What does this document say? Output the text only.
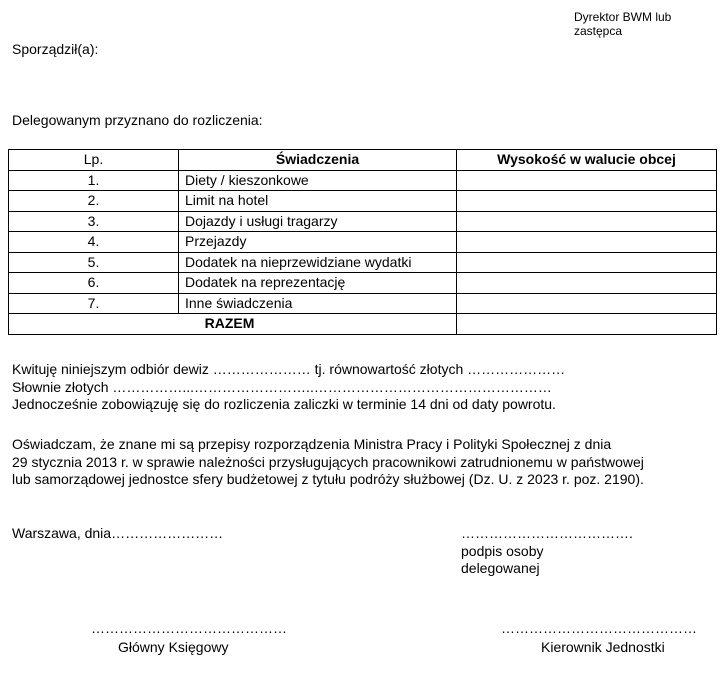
Dyrektor BWM lub
zastępca
Sporządził(a):
Delegowanym przyznano do rozliczenia:
Lp.	Świadczenia	Wysokość w walucie obcej
1.	Diety / kieszonkowe	
2.	Limit na hotel	
3.	Dojazdy i usługi tragarzy	
4.	Przejazdy	
5.	Dodatek na nieprzewidziane wydatki	
6.	Dodatek na reprezentację	
7.	Inne świadczenia	
RAZEM		
Kwituję niniejszym odbiór dewiz ………………… tj. równowartość złotych …………………
Słownie złotych ……………...……………………..……………………………………………
Jednocześnie zobowiązuję się do rozliczenia zaliczki w terminie 14 dni od daty powrotu.
Oświadczam, że znane mi są przepisy rozporządzenia Ministra Pracy i Polityki Społecznej z dnia
29 stycznia 2013 r. w sprawie należności przysługujących pracownikowi zatrudnionemu w państwowej
lub samorządowej jednostce sfery budżetowej z tytułu podróży służbowej (Dz. U. z 2023 r. poz. 2190).
Warszawa, dnia……………………	……………………………….
podpis osoby
delegowanej
……………………………………
Główny Księgowy
……………………………………
Kierownik Jednostki
